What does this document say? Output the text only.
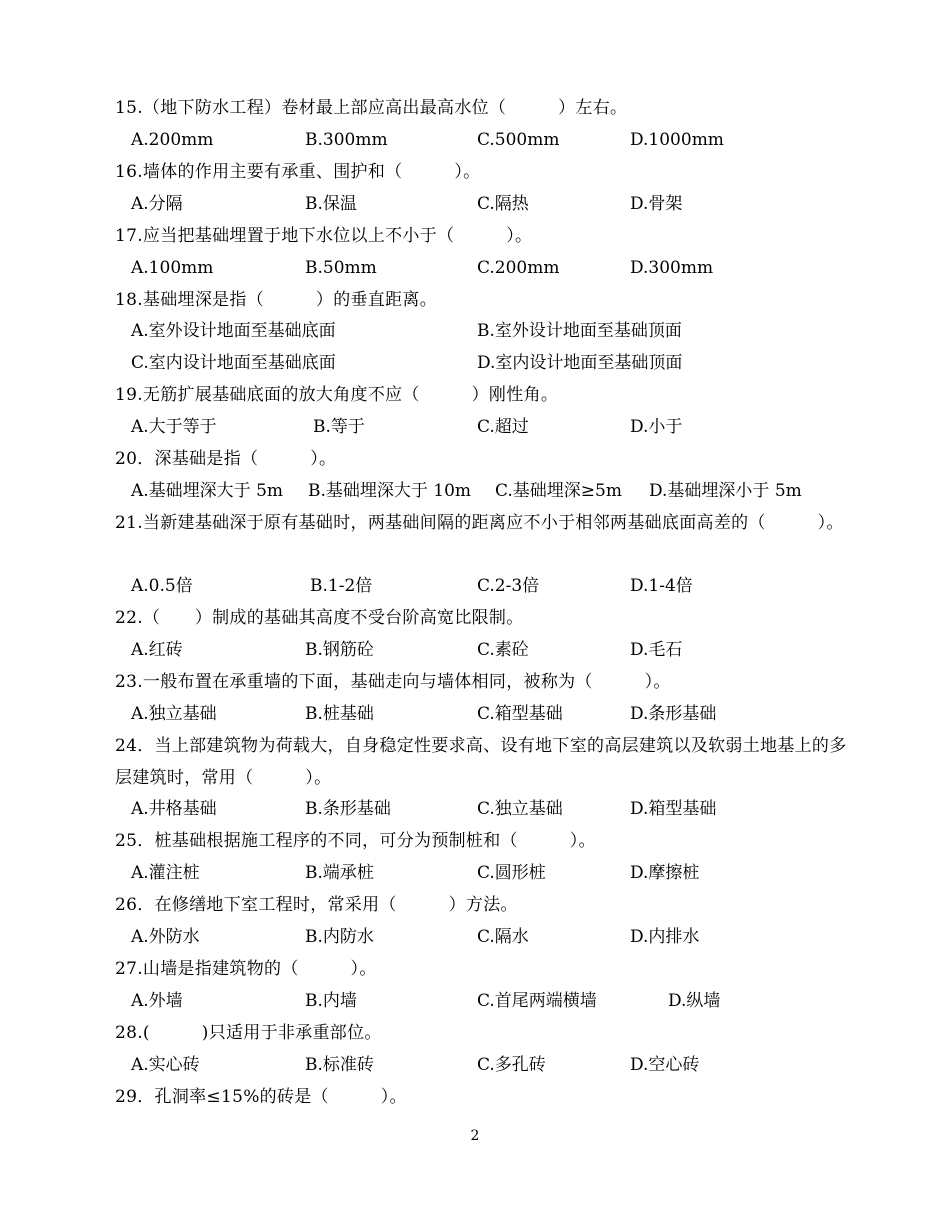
15.（地下防水工程）卷材最上部应高出最高水位（　　　）左右。
A.200mm	B.300mm	C.500mm	D.1000mm
16.墙体的作用主要有承重、围护和（　　　）。
A.分隔	B.保温	C.隔热	D.骨架
17.应当把基础埋置于地下水位以上不小于（　　　）。
A.100mm	B.50mm	C.200mm	D.300mm
18.基础埋深是指（　　　）的垂直距离。
A.室外设计地面至基础底面	B.室外设计地面至基础顶面
C.室内设计地面至基础底面	D.室内设计地面至基础顶面
19.无筋扩展基础底面的放大角度不应（　　　）刚性角。
A.大于等于	B.等于	C.超过	D.小于
20．深基础是指（　　　）。
A.基础埋深大于 5m B.基础埋深大于 10m C.基础埋深≥5m D.基础埋深小于 5m
21.当新建基础深于原有基础时，两基础间隔的距离应不小于相邻两基础底面高差的（　　　）。
A.0.5倍	B.1-2倍	C.2-3倍	D.1-4倍
22.（　　）制成的基础其高度不受台阶高宽比限制。
A.红砖	B.钢筋砼	C.素砼	D.毛石
23.一般布置在承重墙的下面，基础走向与墙体相同，被称为（　　　）。
A.独立基础	B.桩基础	C.箱型基础	D.条形基础
24．当上部建筑物为荷载大，自身稳定性要求高、设有地下室的高层建筑以及软弱土地基上的多层建筑时，常用（　　　）。
A.井格基础	B.条形基础	C.独立基础	D.箱型基础
25．桩基础根据施工程序的不同，可分为预制桩和（　　　）。
A.灌注桩	B.端承桩	C.圆形桩	D.摩擦桩
26．在修缮地下室工程时，常采用（　　　）方法。
A.外防水	B.内防水	C.隔水	D.内排水
27.山墙是指建筑物的（　　　）。
A.外墙	B.内墙	C.首尾两端横墙	D.纵墙
28.(　　　)只适用于非承重部位。
A.实心砖	B.标准砖	C.多孔砖	D.空心砖
29．孔洞率≤15%的砖是（　　　）。
2
